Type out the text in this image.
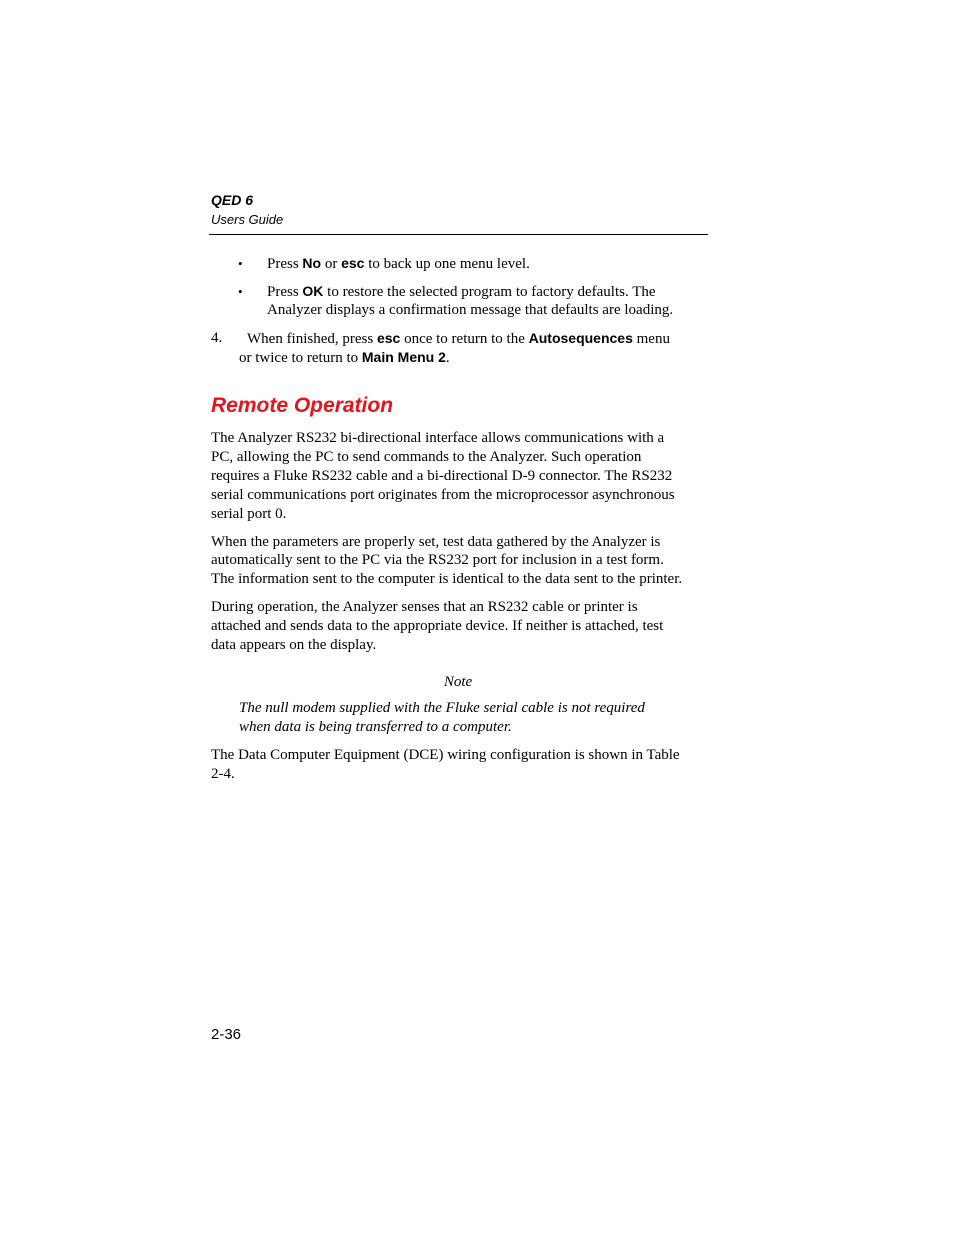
QED 6
Users Guide
• Press No or esc to back up one menu level.
• Press OK to restore the selected program to factory defaults. The
Analyzer displays a confirmation message that defaults are loading.
4. When finished, press esc once to return to the Autosequences menu
or twice to return to Main Menu 2.
Remote Operation
The Analyzer RS232 bi-directional interface allows communications with a
PC, allowing the PC to send commands to the Analyzer. Such operation
requires a Fluke RS232 cable and a bi-directional D-9 connector. The RS232
serial communications port originates from the microprocessor asynchronous
serial port 0.
When the parameters are properly set, test data gathered by the Analyzer is
automatically sent to the PC via the RS232 port for inclusion in a test form.
The information sent to the computer is identical to the data sent to the printer.
During operation, the Analyzer senses that an RS232 cable or printer is
attached and sends data to the appropriate device. If neither is attached, test
data appears on the display.
Note
The null modem supplied with the Fluke serial cable is not required
when data is being transferred to a computer.
The Data Computer Equipment (DCE) wiring configuration is shown in Table
2-4.
2-36
